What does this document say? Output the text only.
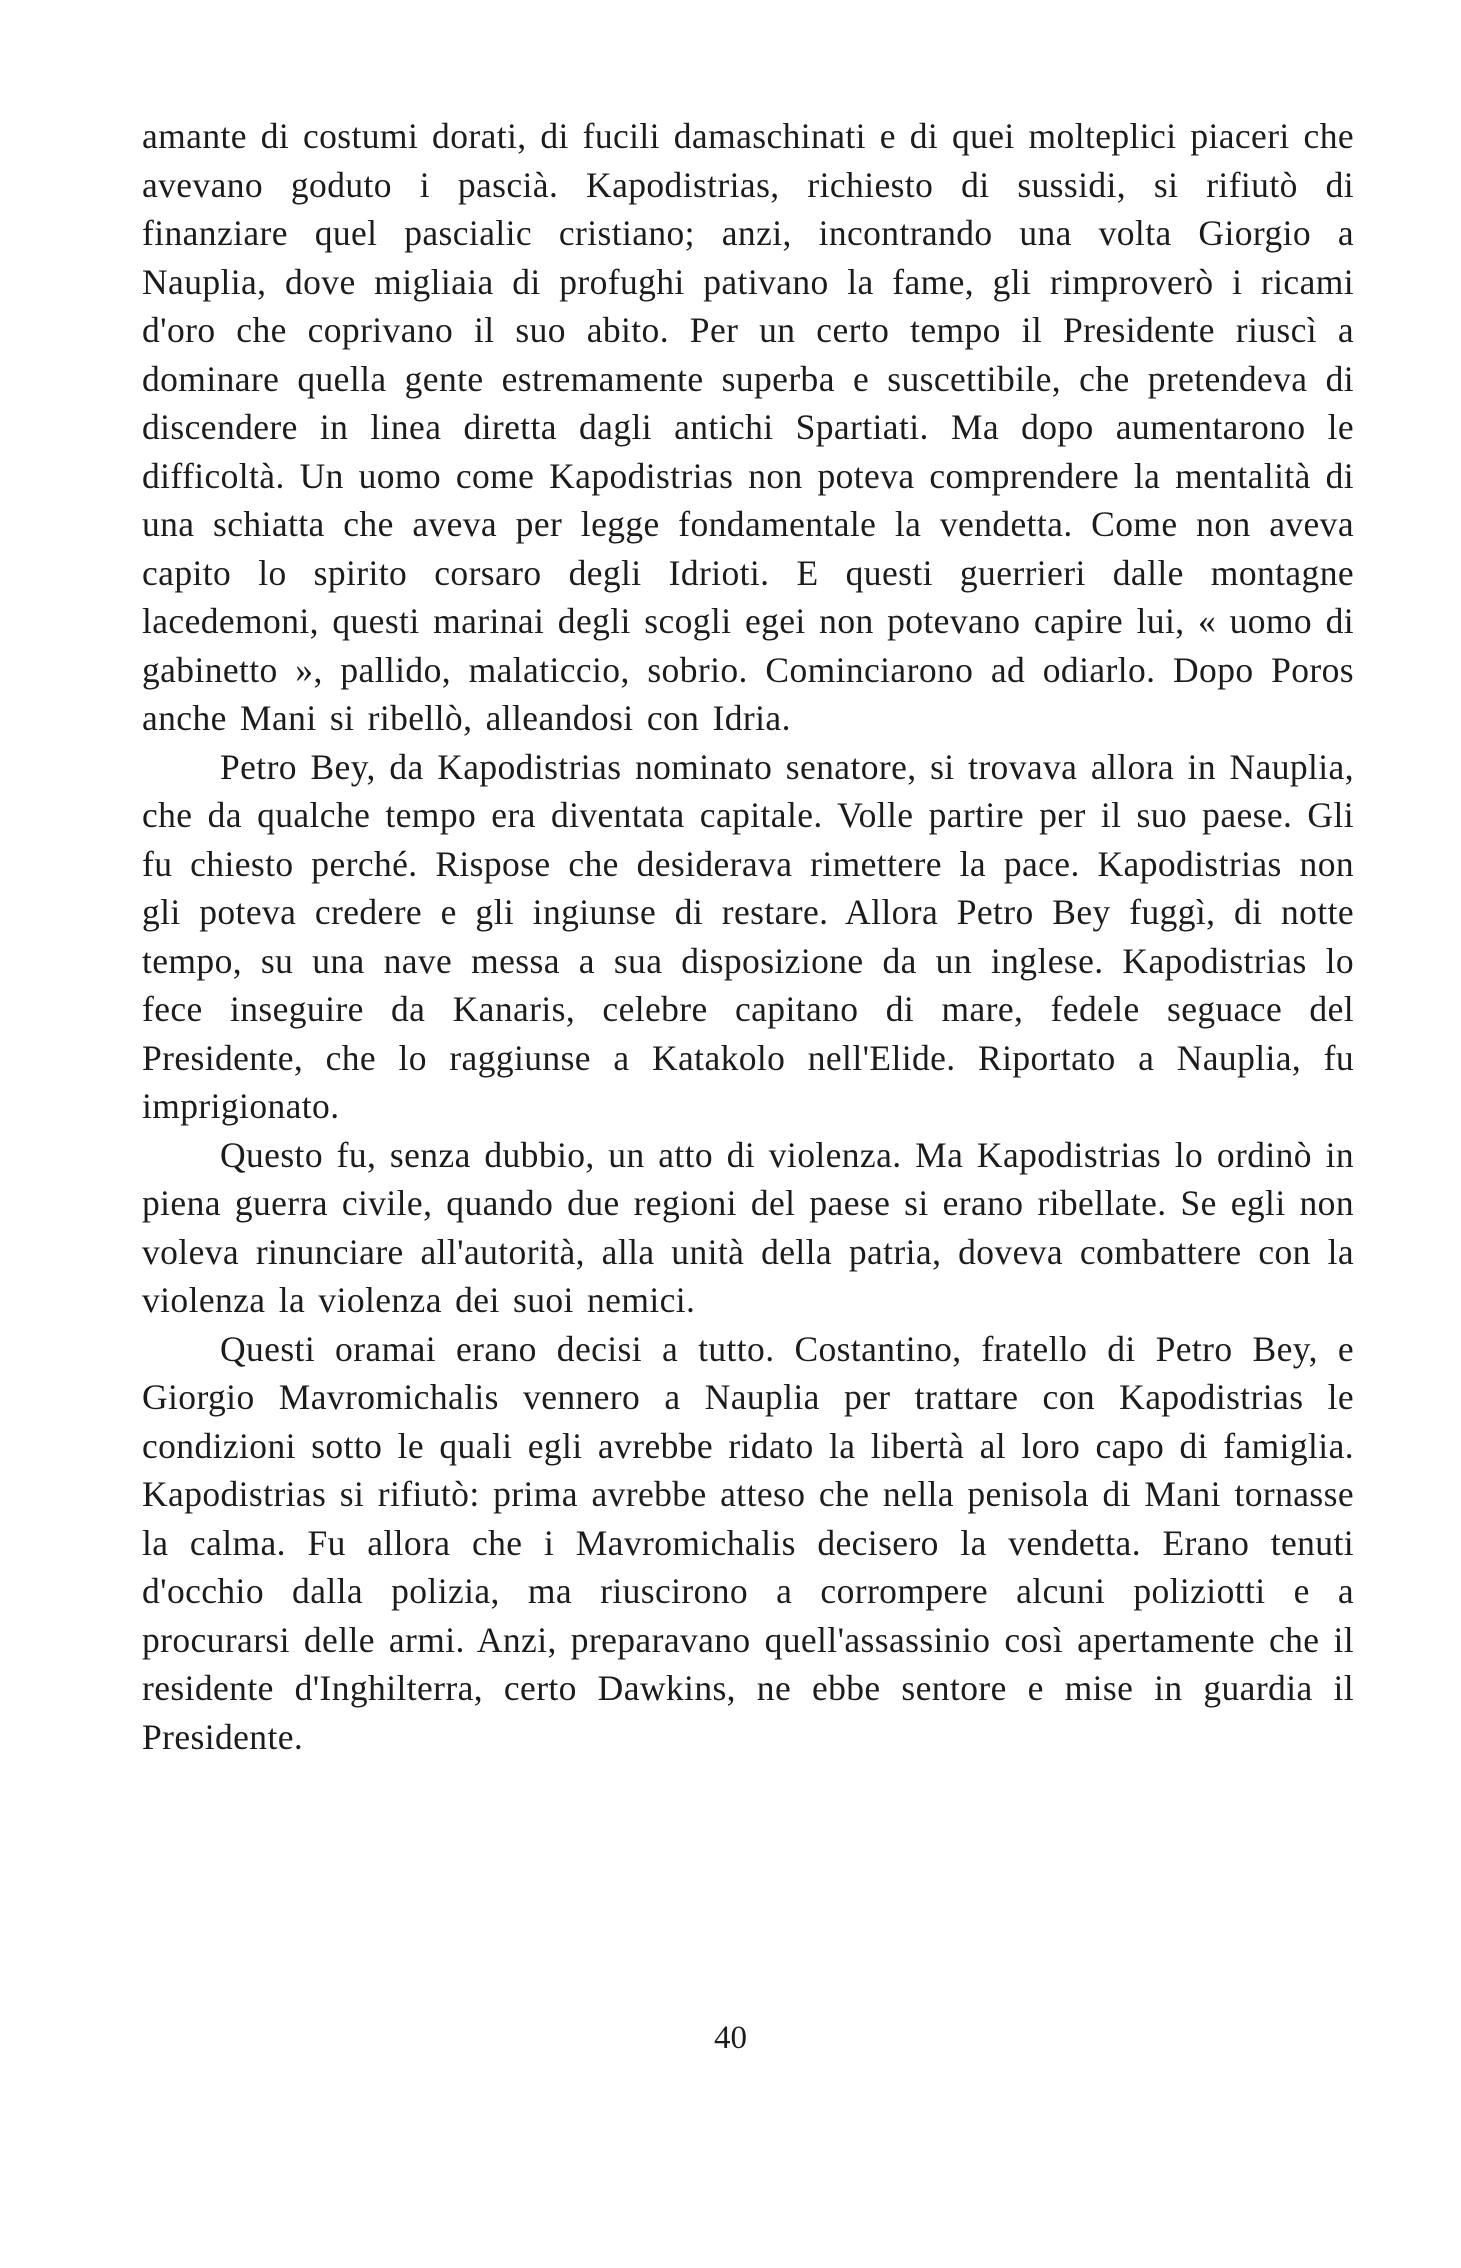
amante di costumi dorati, di fucili damaschinati e di quei molteplici piaceri che avevano goduto i pascià. Kapodistrias, richiesto di sussidi, si rifiutò di finanziare quel pascialic cristiano; anzi, incontrando una volta Giorgio a Nauplia, dove migliaia di profughi pativano la fame, gli rimproverò i ricami d'oro che coprivano il suo abito. Per un certo tempo il Presidente riuscì a dominare quella gente estremamente superba e suscettibile, che pretendeva di discendere in linea diretta dagli antichi Spartiati. Ma dopo aumentarono le difficoltà. Un uomo come Kapodistrias non poteva comprendere la mentalità di una schiatta che aveva per legge fondamentale la vendetta. Come non aveva capito lo spirito corsaro degli Idrioti. E questi guerrieri dalle montagne lacedemoni, questi marinai degli scogli egei non potevano capire lui, « uomo di gabinetto », pallido, malaticcio, sobrio. Cominciarono ad odiarlo. Dopo Poros anche Mani si ribellò, alleandosi con Idria.

Petro Bey, da Kapodistrias nominato senatore, si trovava allora in Nauplia, che da qualche tempo era diventata capitale. Volle partire per il suo paese. Gli fu chiesto perché. Rispose che desiderava rimettere la pace. Kapodistrias non gli poteva credere e gli ingiunse di restare. Allora Petro Bey fuggì, di notte tempo, su una nave messa a sua disposizione da un inglese. Kapodistrias lo fece inseguire da Kanaris, celebre capitano di mare, fedele seguace del Presidente, che lo raggiunse a Katakolo nell'Elide. Riportato a Nauplia, fu imprigionato.

Questo fu, senza dubbio, un atto di violenza. Ma Kapodistrias lo ordinò in piena guerra civile, quando due regioni del paese si erano ribellate. Se egli non voleva rinunciare all'autorità, alla unità della patria, doveva combattere con la violenza la violenza dei suoi nemici.

Questi oramai erano decisi a tutto. Costantino, fratello di Petro Bey, e Giorgio Mavromichalis vennero a Nauplia per trattare con Kapodistrias le condizioni sotto le quali egli avrebbe ridato la libertà al loro capo di famiglia. Kapodistrias si rifiutò: prima avrebbe atteso che nella penisola di Mani tornasse la calma. Fu allora che i Mavromichalis decisero la vendetta. Erano tenuti d'occhio dalla polizia, ma riuscirono a corrompere alcuni poliziotti e a procurarsi delle armi. Anzi, preparavano quell'assassinio così apertamente che il residente d'Inghilterra, certo Dawkins, ne ebbe sentore e mise in guardia il Presidente.

40
